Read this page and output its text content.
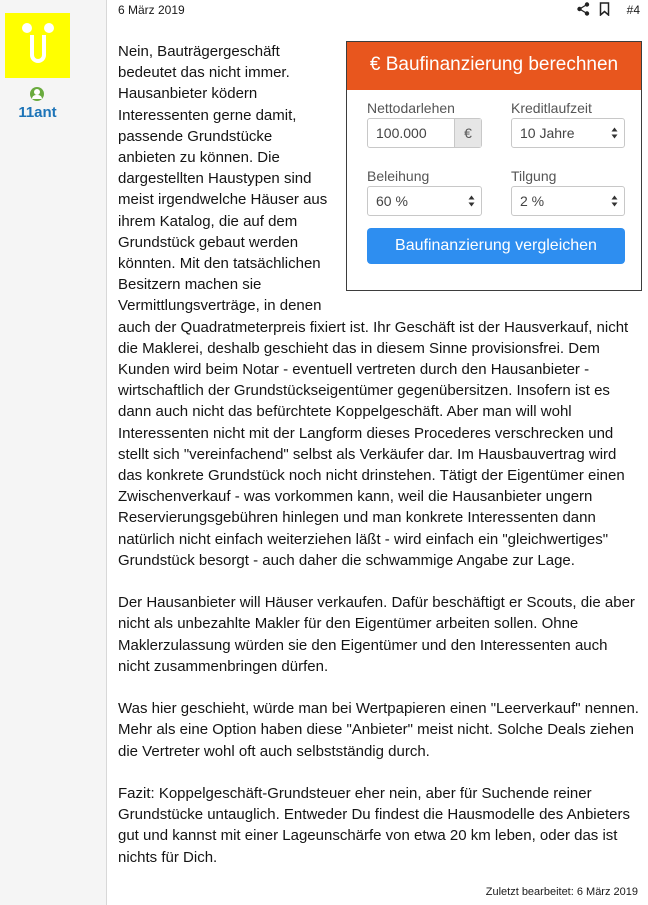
11ant
6 März 2019	#4
€ Baufinanzierung berechnen
Nettodarlehen
100.000	€
Kreditlaufzeit
10 Jahre
Beleihung
60 %
Tilgung
2 %
Baufinanzierung vergleichen

Nein, Bauträgergeschäft bedeutet das nicht immer. Hausanbieter ködern Interessenten gerne damit, passende Grundstücke anbieten zu können. Die dargestellten Haustypen sind meist irgendwelche Häuser aus ihrem Katalog, die auf dem Grundstück gebaut werden könnten. Mit den tatsächlichen Besitzern machen sie Vermittlungsverträge, in denen auch der Quadratmeterpreis fixiert ist. Ihr Geschäft ist der Hausverkauf, nicht die Maklerei, deshalb geschieht das in diesem Sinne provisionsfrei. Dem Kunden wird beim Notar - eventuell vertreten durch den Hausanbieter - wirtschaftlich der Grundstückseigentümer gegenübersitzen. Insofern ist es dann auch nicht das befürchtete Koppelgeschäft. Aber man will wohl Interessenten nicht mit der Langform dieses Procederes verschrecken und stellt sich "vereinfachend" selbst als Verkäufer dar. Im Hausbauvertrag wird das konkrete Grundstück noch nicht drinstehen. Tätigt der Eigentümer einen Zwischenverkauf - was vorkommen kann, weil die Hausanbieter ungern Reservierungsgebühren hinlegen und man konkrete Interessenten dann natürlich nicht einfach weiterziehen läßt - wird einfach ein "gleichwertiges" Grundstück besorgt - auch daher die schwammige Angabe zur Lage.

Der Hausanbieter will Häuser verkaufen. Dafür beschäftigt er Scouts, die aber nicht als unbezahlte Makler für den Eigentümer arbeiten sollen. Ohne Maklerzulassung würden sie den Eigentümer und den Interessenten auch nicht zusammenbringen dürfen.

Was hier geschieht, würde man bei Wertpapieren einen "Leerverkauf" nennen. Mehr als eine Option haben diese "Anbieter" meist nicht. Solche Deals ziehen die Vertreter wohl oft auch selbstständig durch.

Fazit: Koppelgeschäft-Grundsteuer eher nein, aber für Suchende reiner Grundstücke untauglich. Entweder Du findest die Hausmodelle des Anbieters gut und kannst mit einer Lageunschärfe von etwa 20 km leben, oder das ist nichts für Dich.

Zuletzt bearbeitet: 6 März 2019
